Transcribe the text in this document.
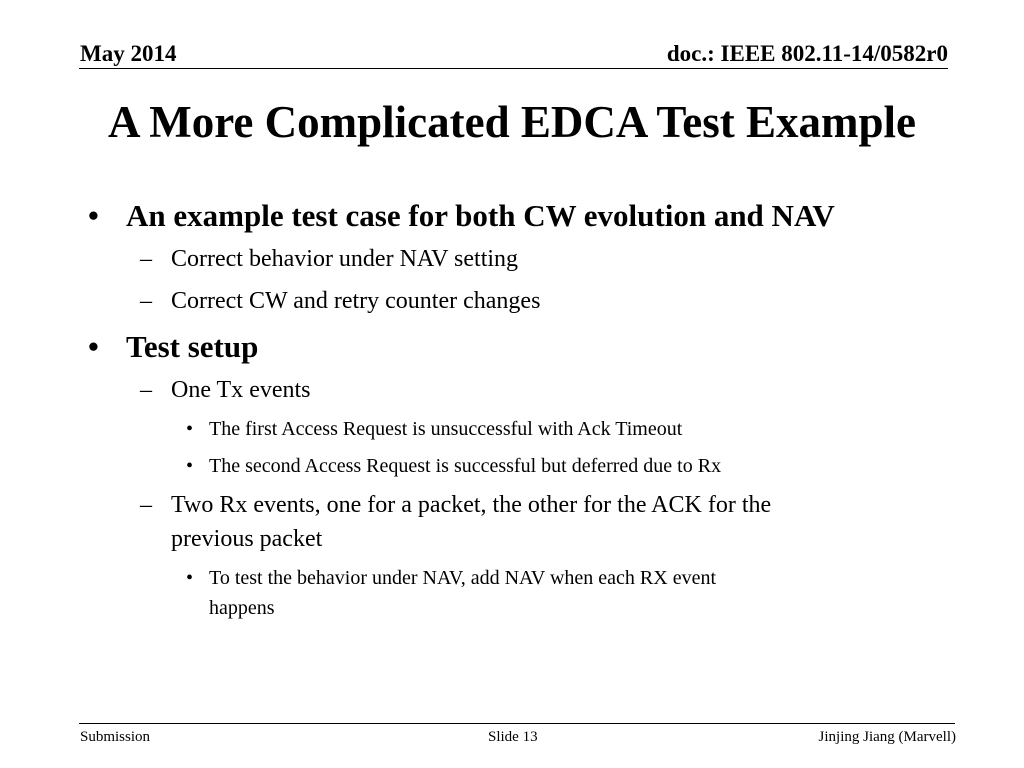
May 2014	doc.: IEEE 802.11-14/0582r0
A More Complicated EDCA Test Example
• An example test case for both CW evolution and NAV
– Correct behavior under NAV setting
– Correct CW and retry counter changes
• Test setup
– One Tx events
• The first Access Request is unsuccessful with Ack Timeout
• The second Access Request is successful but deferred due to Rx
– Two Rx events, one for a packet, the other for the ACK for the
previous packet
• To test the behavior under NAV, add NAV when each RX event
happens
Submission	Slide 13	Jinjing Jiang (Marvell)
